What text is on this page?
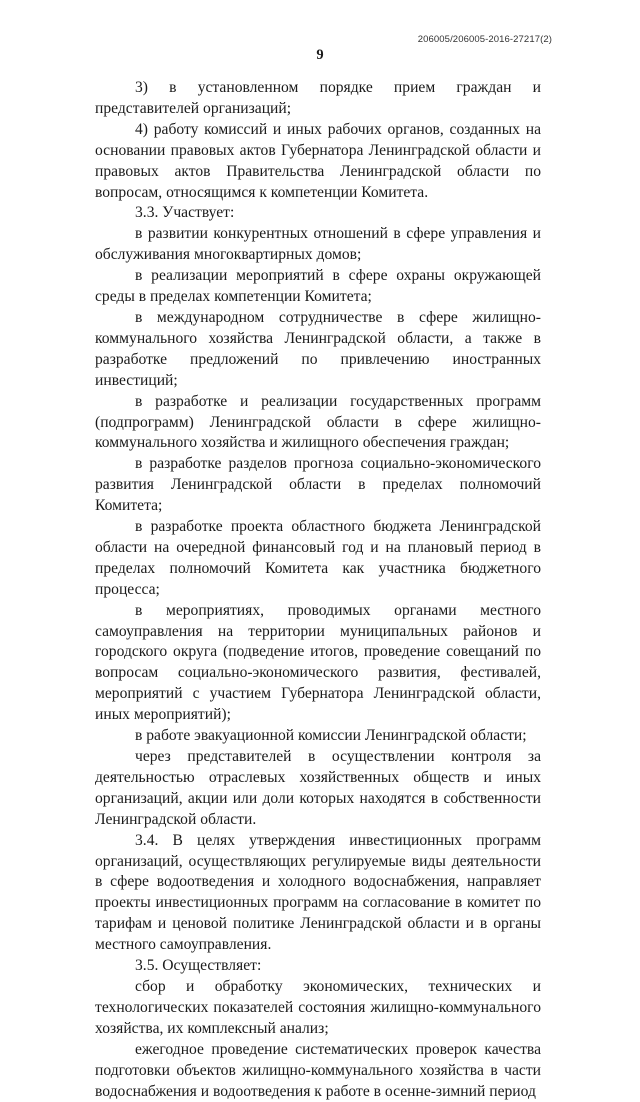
206005/206005-2016-27217(2)
9

3) в установленном порядке прием граждан и представителей организаций;

4) работу комиссий и иных рабочих органов, созданных на основании правовых актов Губернатора Ленинградской области и правовых актов Правительства Ленинградской области по вопросам, относящимся к компетенции Комитета.

3.3. Участвует:

в развитии конкурентных отношений в сфере управления и обслуживания многоквартирных домов;

в реализации мероприятий в сфере охраны окружающей среды в пределах компетенции Комитета;

в международном сотрудничестве в сфере жилищно-коммунального хозяйства Ленинградской области, а также в разработке предложений по привлечению иностранных инвестиций;

в разработке и реализации государственных программ (подпрограмм) Ленинградской области в сфере жилищно-коммунального хозяйства и жилищного обеспечения граждан;

в разработке разделов прогноза социально-экономического развития Ленинградской области в пределах полномочий Комитета;

в разработке проекта областного бюджета Ленинградской области на очередной финансовый год и на плановый период в пределах полномочий Комитета как участника бюджетного процесса;

в мероприятиях, проводимых органами местного самоуправления на территории муниципальных районов и городского округа (подведение итогов, проведение совещаний по вопросам социально-экономического развития, фестивалей, мероприятий с участием Губернатора Ленинградской области, иных мероприятий);

в работе эвакуационной комиссии Ленинградской области;

через представителей в осуществлении контроля за деятельностью отраслевых хозяйственных обществ и иных организаций, акции или доли которых находятся в собственности Ленинградской области.

3.4. В целях утверждения инвестиционных программ организаций, осуществляющих регулируемые виды деятельности в сфере водоотведения и холодного водоснабжения, направляет проекты инвестиционных программ на согласование в комитет по тарифам и ценовой политике Ленинградской области и в органы местного самоуправления.

3.5. Осуществляет:

сбор и обработку экономических, технических и технологических показателей состояния жилищно-коммунального хозяйства, их комплексный анализ;

ежегодное проведение систематических проверок качества подготовки объектов жилищно-коммунального хозяйства в части водоснабжения и водоотведения к работе в осенне-зимний период
